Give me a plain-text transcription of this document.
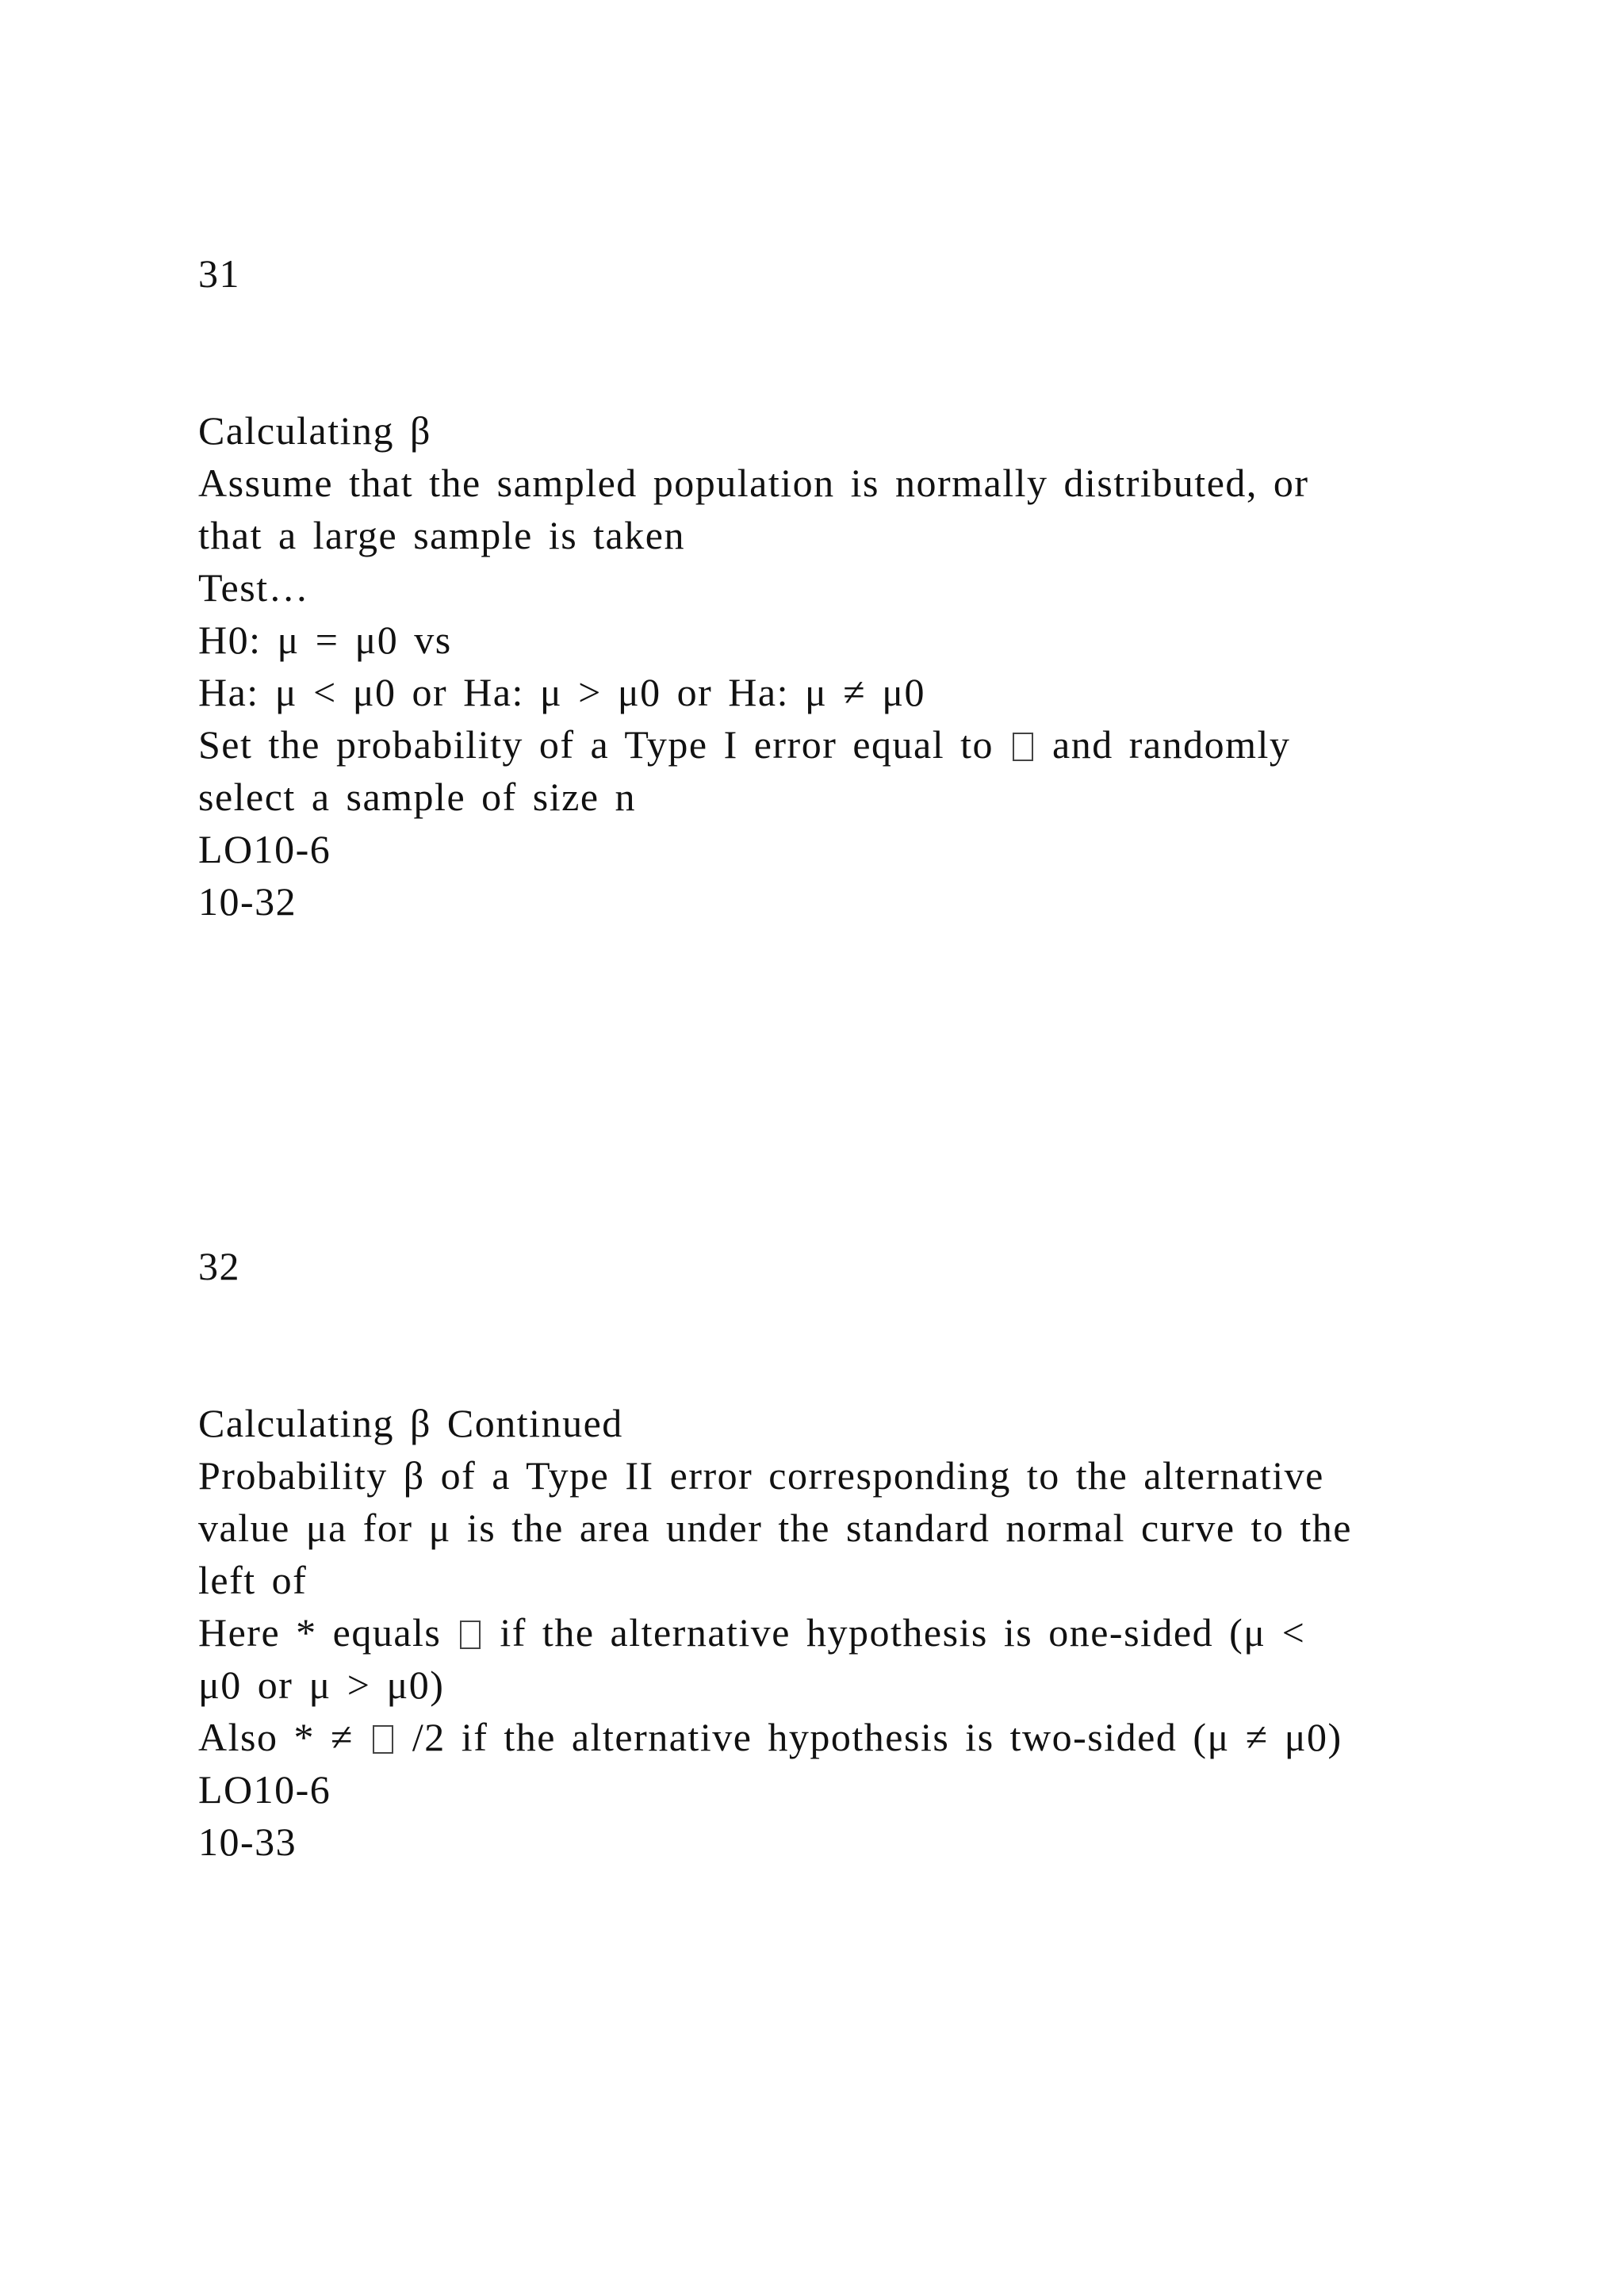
31
Calculating β
Assume that the sampled population is normally distributed, or
that a large sample is taken
Test…
H0: μ = μ0 vs
Ha: μ < μ0 or Ha: μ > μ0 or Ha: μ ≠ μ0
Set the probability of a Type I error equal to and randomly
select a sample of size n
LO10-6
10-32
32
Calculating β Continued
Probability β of a Type II error corresponding to the alternative
value μa for μ is the area under the standard normal curve to the
left of
Here * equals if the alternative hypothesis is one-sided (μ <
μ0 or μ > μ0)
Also * ≠ /2 if the alternative hypothesis is two-sided (μ ≠ μ0)
LO10-6
10-33
